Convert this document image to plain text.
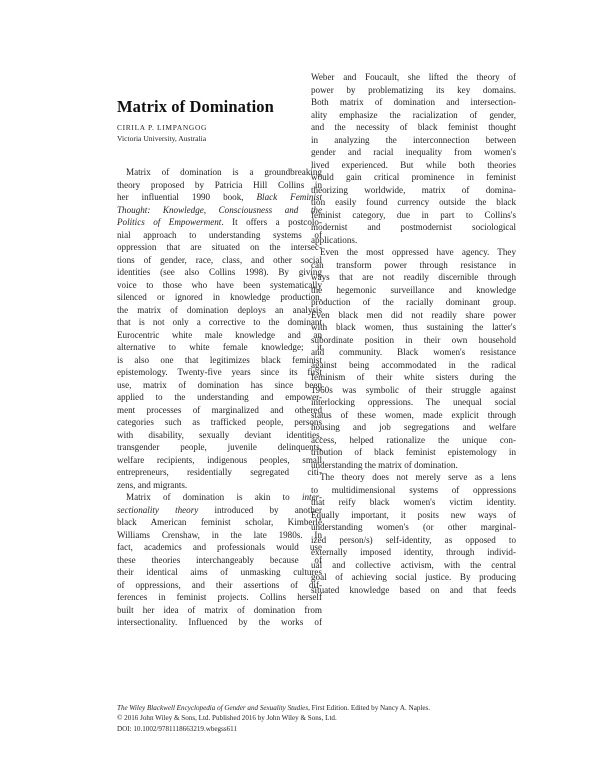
Matrix of Domination
CIRILA P. LIMPANGOG
Victoria University, Australia
Matrix of domination is a groundbreaking
theory proposed by Patricia Hill Collins in
her influential 1990 book, Black Feminist
Thought: Knowledge, Consciousness and the
Politics of Empowerment. It offers a postcolo-
nial approach to understanding systems of
oppression that are situated on the intersec-
tions of gender, race, class, and other social
identities (see also Collins 1998). By giving
voice to those who have been systematically
silenced or ignored in knowledge production,
the matrix of domination deploys an analysis
that is not only a corrective to the dominant
Eurocentric white male knowledge and an
alternative to white female knowledge; it
is also one that legitimizes black feminist
epistemology. Twenty-five years since its first
use, matrix of domination has since been
applied to the understanding and empower-
ment processes of marginalized and othered
categories such as trafficked people, persons
with disability, sexually deviant identities,
transgender people, juvenile delinquents,
welfare recipients, indigenous peoples, small
entrepreneurs, residentially segregated citi-
zens, and migrants.
Matrix of domination is akin to inter-
sectionality theory introduced by another
black American feminist scholar, Kimberlé
Williams Crenshaw, in the late 1980s. In
fact, academics and professionals would use
these theories interchangeably because of
their identical aims of unmasking cultures
of oppressions, and their assertions of dif-
ferences in feminist projects. Collins herself
built her idea of matrix of domination from
intersectionality. Influenced by the works of
Weber and Foucault, she lifted the theory of
power by problematizing its key domains.
Both matrix of domination and intersection-
ality emphasize the racialization of gender,
and the necessity of black feminist thought
in analyzing the interconnection between
gender and racial inequality from women's
lived experienced. But while both theories
would gain critical prominence in feminist
theorizing worldwide, matrix of domina-
tion easily found currency outside the black
feminist category, due in part to Collins's
modernist and postmodernist sociological
applications.
Even the most oppressed have agency. They
can transform power through resistance in
ways that are not readily discernible through
the hegemonic surveillance and knowledge
production of the racially dominant group.
Even black men did not readily share power
with black women, thus sustaining the latter's
subordinate position in their own household
and community. Black women's resistance
against being accommodated in the radical
feminism of their white sisters during the
1960s was symbolic of their struggle against
interlocking oppressions. The unequal social
status of these women, made explicit through
housing and job segregations and welfare
access, helped rationalize the unique con-
tribution of black feminist epistemology in
understanding the matrix of domination.
The theory does not merely serve as a lens
to multidimensional systems of oppressions
that reify black women's victim identity.
Equally important, it posits new ways of
understanding women's (or other marginal-
ized person/s) self-identity, as opposed to
externally imposed identity, through individ-
ual and collective activism, with the central
goal of achieving social justice. By producing
situated knowledge based on and that feeds
The Wiley Blackwell Encyclopedia of Gender and Sexuality Studies, First Edition. Edited by Nancy A. Naples.
© 2016 John Wiley & Sons, Ltd. Published 2016 by John Wiley & Sons, Ltd.
DOI: 10.1002/9781118663219.wbegss611
